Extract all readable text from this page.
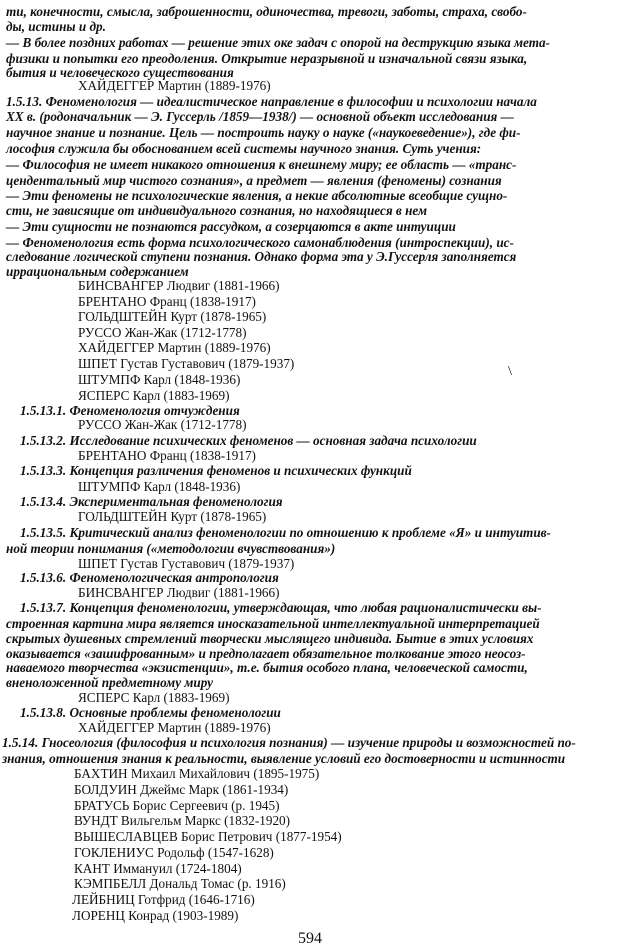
ти, конечности, смысла, заброшенности, одиночества, тревоги, заботы, страха, свобо-
ды, истины и др.
— В более поздних работах — решение этих оке задач с опорой на деструкцию языка мета-
физики и попытки его преодоления. Открытие неразрывной и изначальной связи языка,
бытия и человеческого существования
ХАЙДЕГГЕР Мартин (1889-1976)
1.5.13. Феноменология — идеалистическое направление в философии и психологии начала
XX в. (родоначальник — Э. Гуссерль /1859—1938/) — основной объект исследования —
научное знание и познание. Цель — построить науку о науке («наукоеведение»), где фи-
лософия служила бы обоснованием всей системы научного знания. Суть учения:
— Философия не имеет никакого отношения к внешнему миру; ее область — «транс-
цендентальный мир чистого сознания», а предмет — явления (феномены) сознания
— Эти феномены не психологические явления, а некие абсолютные всеобщие сущно-
сти, не зависящие от индивидуального сознания, но находящиеся в нем
— Эти сущности не познаются рассудком, а созерцаются в акте интуиции
— Феноменология есть форма психологического самонаблюдения (интроспекции), ис-
следование логической ступени познания. Однако форма эта у Э.Гуссерля заполняется
иррациональным содержанием
БИНСВАНГЕР Людвиг (1881-1966)
БРЕНТАНО Франц (1838-1917)
ГОЛЬДШТЕЙН Курт (1878-1965)
РУССО Жан-Жак (1712-1778)
ХАЙДЕГГЕР Мартин (1889-1976)
ШПЕТ Густав Густавович (1879-1937)
ШТУМПФ Карл (1848-1936)
ЯСПЕРС Карл (1883-1969)
1.5.13.1. Феноменология отчуждения
РУССО Жан-Жак (1712-1778)
1.5.13.2. Исследование психических феноменов — основная задача психологии
БРЕНТАНО Франц (1838-1917)
1.5.13.3. Концепция различения феноменов и психических функций
ШТУМПФ Карл (1848-1936)
1.5.13.4. Экспериментальная феноменология
ГОЛЬДШТЕЙН Курт (1878-1965)
1.5.13.5. Критический анализ феноменологии по отношению к проблеме «Я» и интуитив-
ной теории понимания («методологии вчувствования»)
ШПЕТ Густав Густавович (1879-1937)
1.5.13.6. Феноменологическая антропология
БИНСВАНГЕР Людвиг (1881-1966)
1.5.13.7. Концепция феноменологии, утверждающая, что любая рационалистически вы-
строенная картина мира является иносказательной интеллектуальной интерпретацией
скрытых душевных стремлений творчески мыслящего индивида. Бытие в этих условиях
оказывается «зашифрованным» и предполагает обязательное толкование этого неосоз-
наваемого творчества «экзистенции», т.е. бытия особого плана, человеческой самости,
вненоложенной предметному миру
ЯСПЕРС Карл (1883-1969)
1.5.13.8. Основные проблемы феноменологии
ХАЙДЕГГЕР Мартин (1889-1976)
1.5.14. Гносеология (философия и психология познания) — изучение природы и возможностей по-
знания, отношения знания к реальности, выявление условий его достоверности и истинности
БАХТИН Михаил Михайлович (1895-1975)
БОЛДУИН Джеймс Марк (1861-1934)
БРАТУСЬ Борис Сергеевич (р. 1945)
ВУНДТ Вильгельм Маркс (1832-1920)
ВЫШЕСЛАВЦЕВ Борис Петрович (1877-1954)
ГОКЛЕНИУС Родольф (1547-1628)
КАНТ Иммануил (1724-1804)
КЭМПБЕЛЛ Дональд Томас (р. 1916)
ЛЕЙБНИЦ Готфрид (1646-1716)
ЛОРЕНЦ Конрад (1903-1989)
\
594
